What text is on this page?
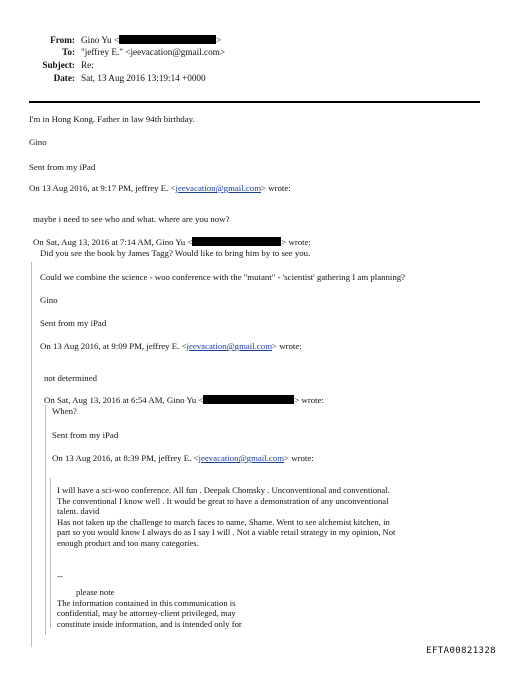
From: Gino Yu <	>
To: "jeffrey E." <jeevacation@gmail.com>
Subject: Re:
Date: Sat, 13 Aug 2016 13:19:14 +0000
I'm in Hong Kong. Father in law 94th birthday.
Gino
Sent from my iPad
On 13 Aug 2016, at 9:17 PM, jeffrey E. <jeevacation@gmail.com> wrote:
maybe i need to see who and what. where are you now?
On Sat, Aug 13, 2016 at 7:14 AM, Gino Yu <	> wrote:
Did you see the book by James Tagg? Would like to bring him by to see you.
Could we combine the science - woo conference with the "mutant" - 'scientist' gathering I am planning?
Gino
Sent from my iPad
On 13 Aug 2016, at 9:09 PM, jeffrey E. <jeevacation@gmail.com> wrote:
not determined
On Sat, Aug 13, 2016 at 6:54 AM, Gino Yu <	> wrote:
When?
Sent from my iPad
On 13 Aug 2016, at 8:39 PM, jeffrey E. <jeevacation@gmail.com> wrote:
I will have a sci-woo conference. All fun . Deepak Chomsky . Unconventional and conventional.
The conventional I know well . It would be great to have a demonstration of any unconventional
talent. david
Has not taken up the challenge to march faces to name, Shame. Went to see alchemist kitchen, in
part so you would know I always do as I say I will . Not a viable retail strategy in my opinion, Not
enough product and too many categories.
--
please note
The information contained in this communication is
confidential, may be attorney-client privileged, may
constitute inside information, and is intended only for
EFTA00821328
